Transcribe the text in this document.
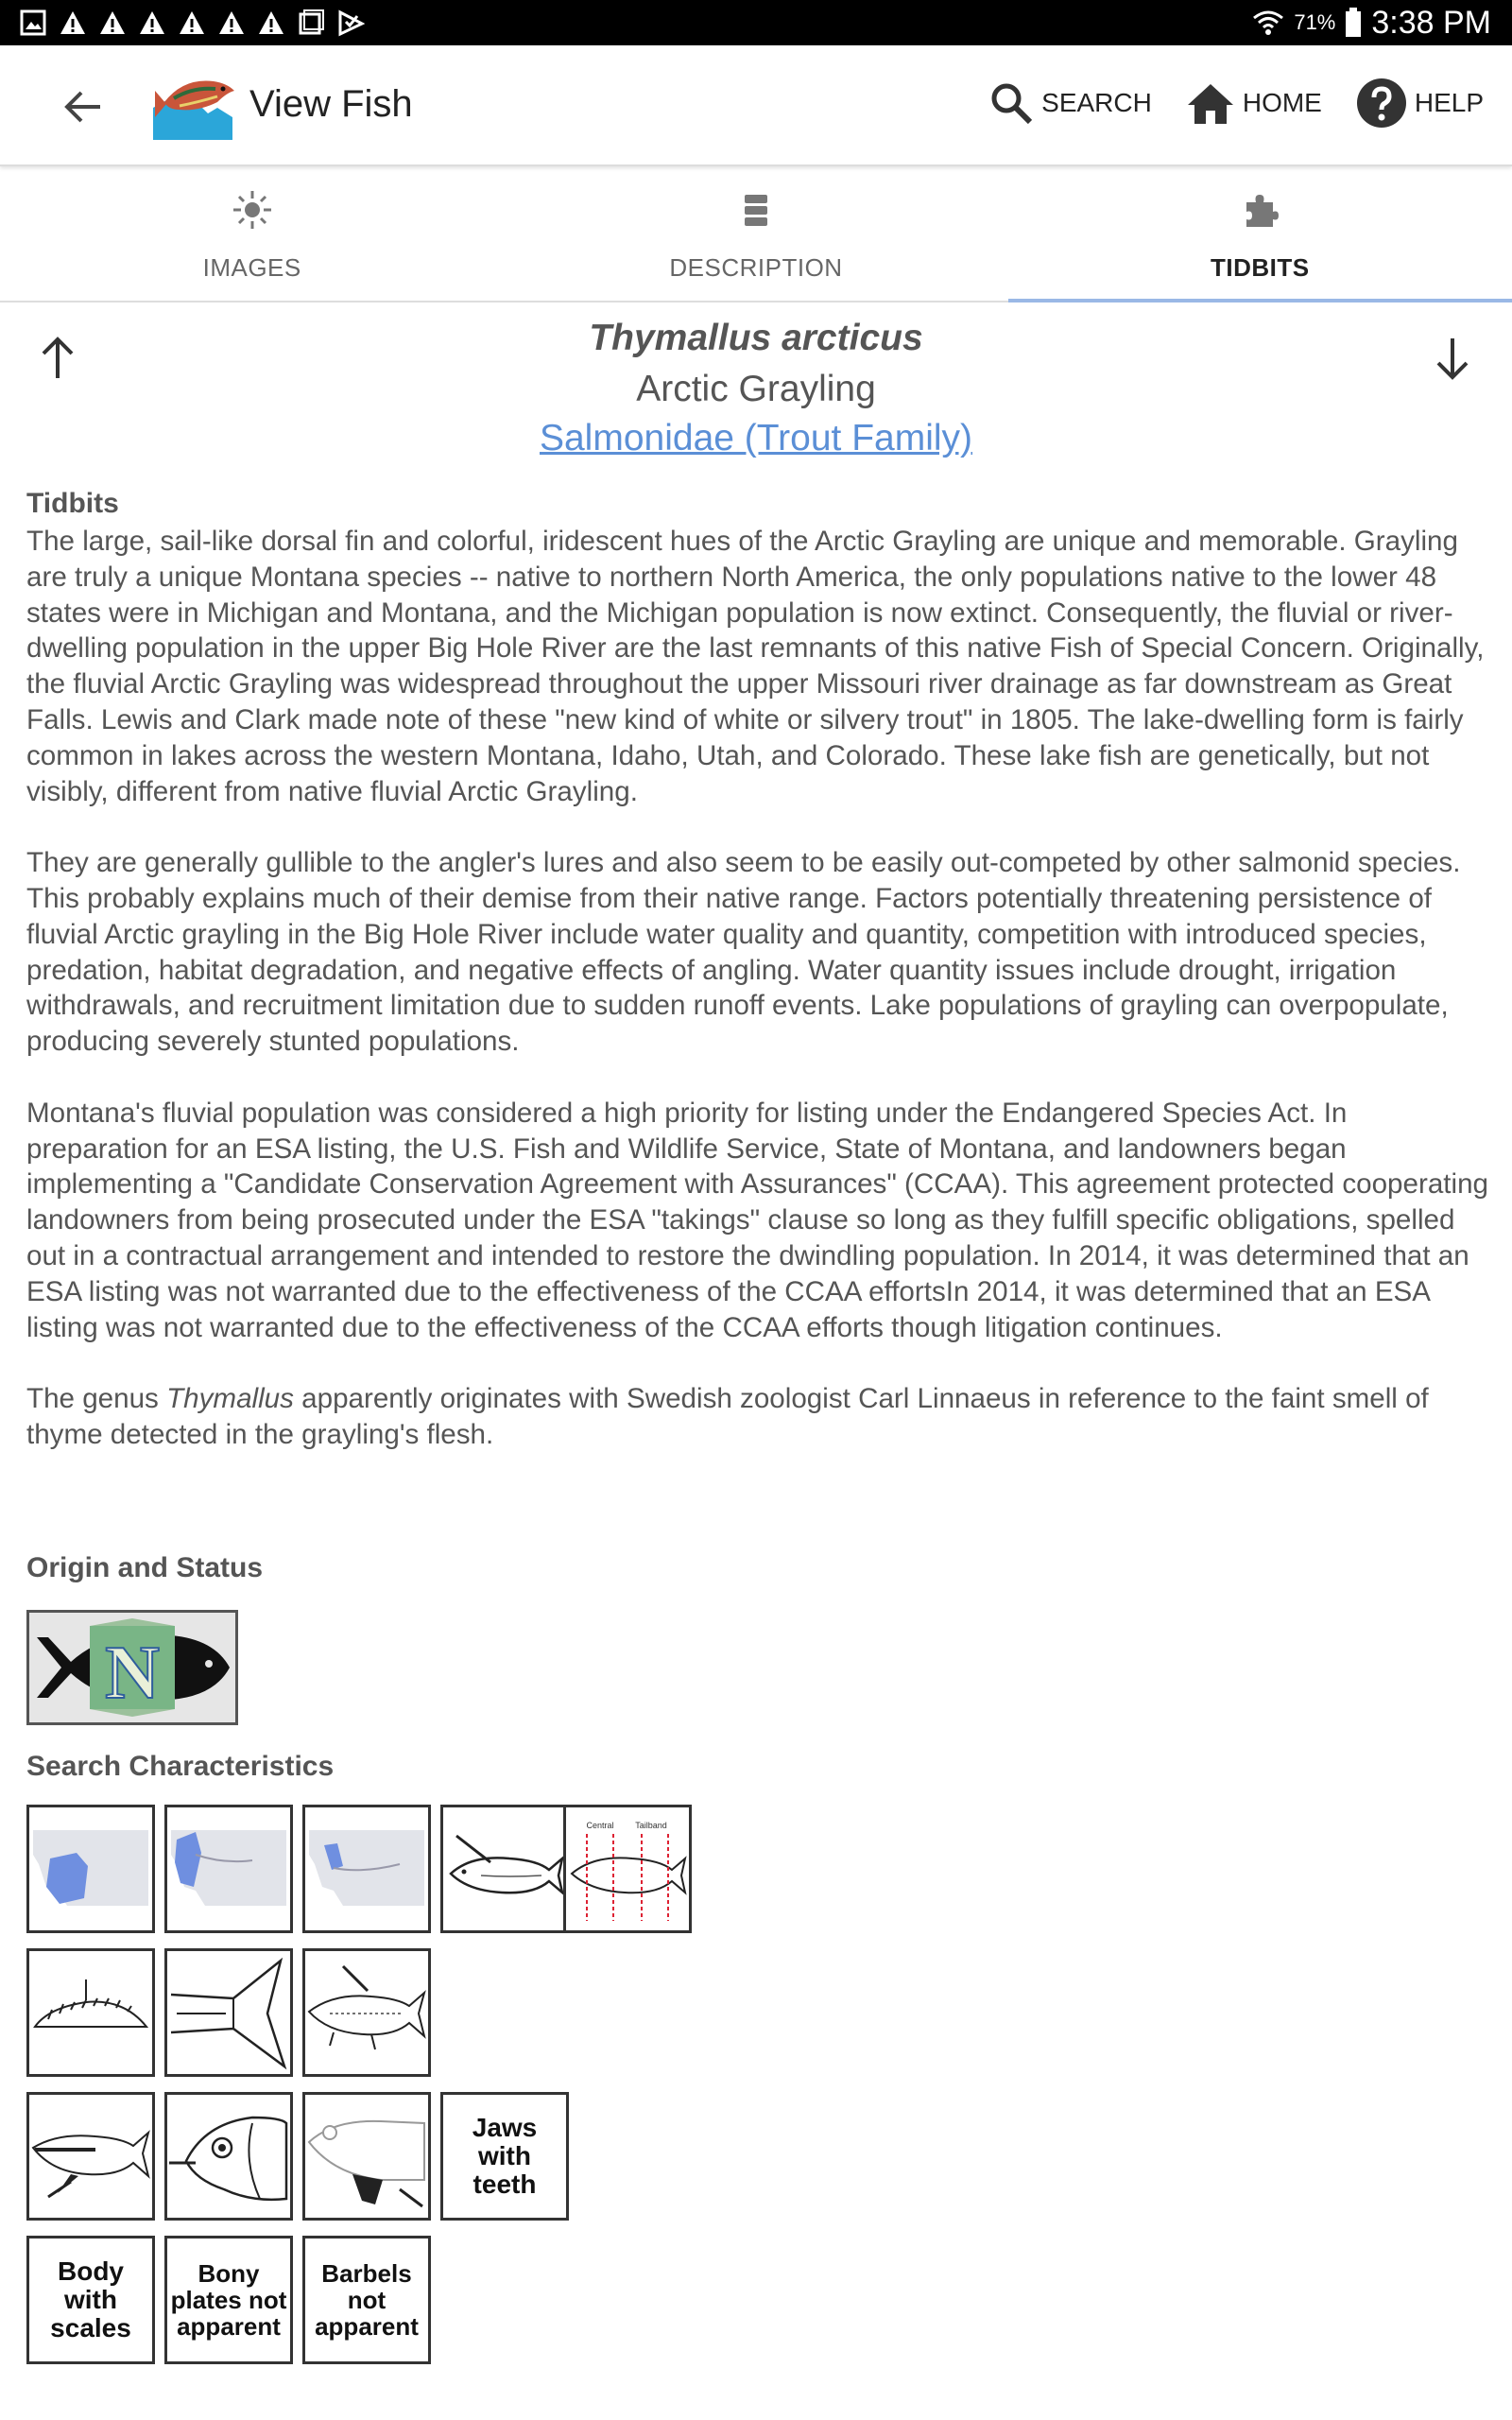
71% 3:38 PM
View Fish	SEARCH	HOME	HELP
IMAGES	DESCRIPTION	TIDBITS
Thymallus arcticus
Arctic Grayling
Salmonidae (Trout Family)
Tidbits

The large, sail-like dorsal fin and colorful, iridescent hues of the Arctic Grayling are unique and memorable. Grayling are truly a unique Montana species -- native to northern North America, the only populations native to the lower 48 states were in Michigan and Montana, and the Michigan population is now extinct. Consequently, the fluvial or river-dwelling population in the upper Big Hole River are the last remnants of this native Fish of Special Concern. Originally, the fluvial Arctic Grayling was widespread throughout the upper Missouri river drainage as far downstream as Great Falls. Lewis and Clark made note of these "new kind of white or silvery trout" in 1805. The lake-dwelling form is fairly common in lakes across the western Montana, Idaho, Utah, and Colorado. These lake fish are genetically, but not visibly, different from native fluvial Arctic Grayling.

They are generally gullible to the angler's lures and also seem to be easily out-competed by other salmonid species. This probably explains much of their demise from their native range. Factors potentially threatening persistence of fluvial Arctic grayling in the Big Hole River include water quality and quantity, competition with introduced species, predation, habitat degradation, and negative effects of angling. Water quantity issues include drought, irrigation withdrawals, and recruitment limitation due to sudden runoff events. Lake populations of grayling can overpopulate, producing severely stunted populations.

Montana's fluvial population was considered a high priority for listing under the Endangered Species Act. In preparation for an ESA listing, the U.S. Fish and Wildlife Service, State of Montana, and landowners began implementing a "Candidate Conservation Agreement with Assurances" (CCAA). This agreement protected cooperating landowners from being prosecuted under the ESA "takings" clause so long as they fulfill specific obligations, spelled out in a contractual arrangement and intended to restore the dwindling population. In 2014, it was determined that an ESA listing was not warranted due to the effectiveness of the CCAA effortsIn 2014, it was determined that an ESA listing was not warranted due to the effectiveness of the CCAA efforts though litigation continues.

The genus Thymallus apparently originates with Swedish zoologist Carl Linnaeus in reference to the faint smell of thyme detected in the grayling's flesh.

Origin and Status
N
Search Characteristics
Central	Tailband
Jaws with teeth
Body with scales
Bony plates not apparent
Barbels not apparent
